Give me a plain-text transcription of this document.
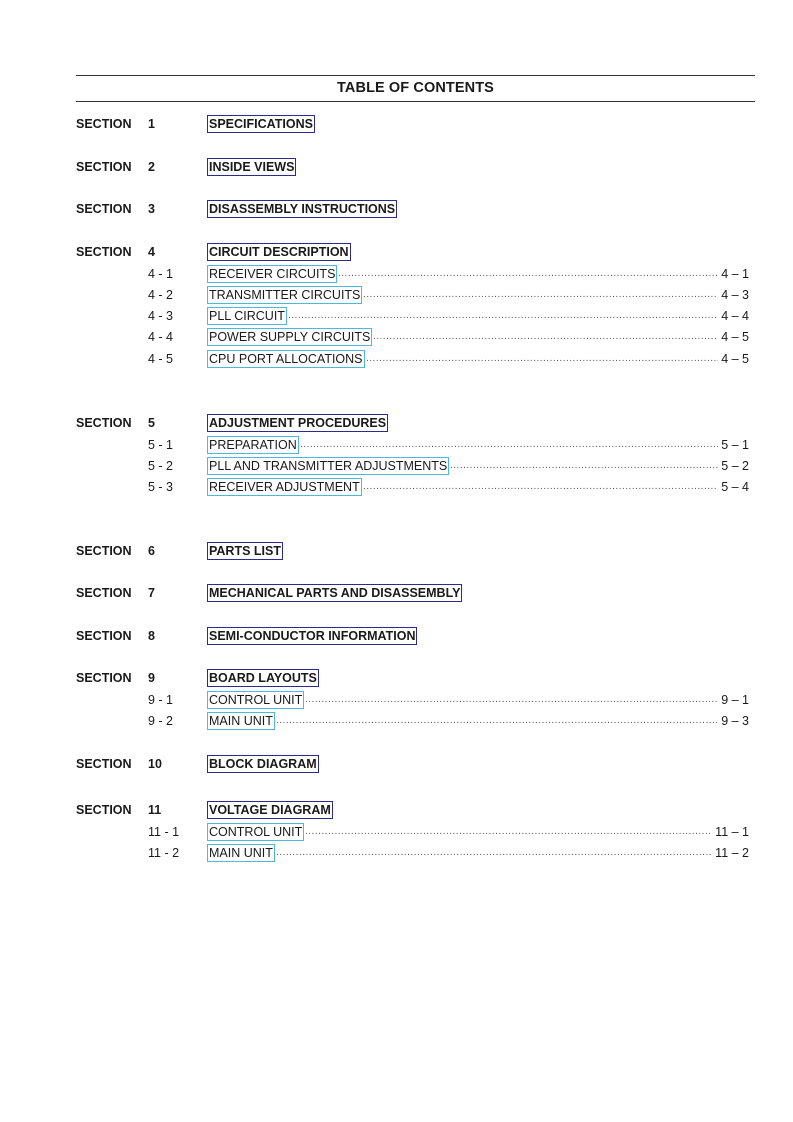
TABLE OF CONTENTS
SECTION 1	SPECIFICATIONS
SECTION 2	INSIDE VIEWS
SECTION 3	DISASSEMBLY INSTRUCTIONS
SECTION 4	CIRCUIT DESCRIPTION
4 - 1	RECEIVER CIRCUITS .....	4 – 1
4 - 2	TRANSMITTER CIRCUITS .....	4 – 3
4 - 3	PLL CIRCUIT .....	4 – 4
4 - 4	POWER SUPPLY CIRCUITS .....	4 – 5
4 - 5	CPU PORT ALLOCATIONS .....	4 – 5
SECTION 5	ADJUSTMENT PROCEDURES
5 - 1	PREPARATION .....	5 – 1
5 - 2	PLL AND TRANSMITTER ADJUSTMENTS .....	5 – 2
5 - 3	RECEIVER ADJUSTMENT .....	5 – 4
SECTION 6	PARTS LIST
SECTION 7	MECHANICAL PARTS AND DISASSEMBLY
SECTION 8	SEMI-CONDUCTOR INFORMATION
SECTION 9	BOARD LAYOUTS
9 - 1	CONTROL UNIT .....	9 – 1
9 - 2	MAIN UNIT .....	9 – 3
SECTION 10	BLOCK DIAGRAM
SECTION 11	VOLTAGE DIAGRAM
11 - 1 CONTROL UNIT .....	11 – 1
11 - 2 MAIN UNIT .....	11 – 2
